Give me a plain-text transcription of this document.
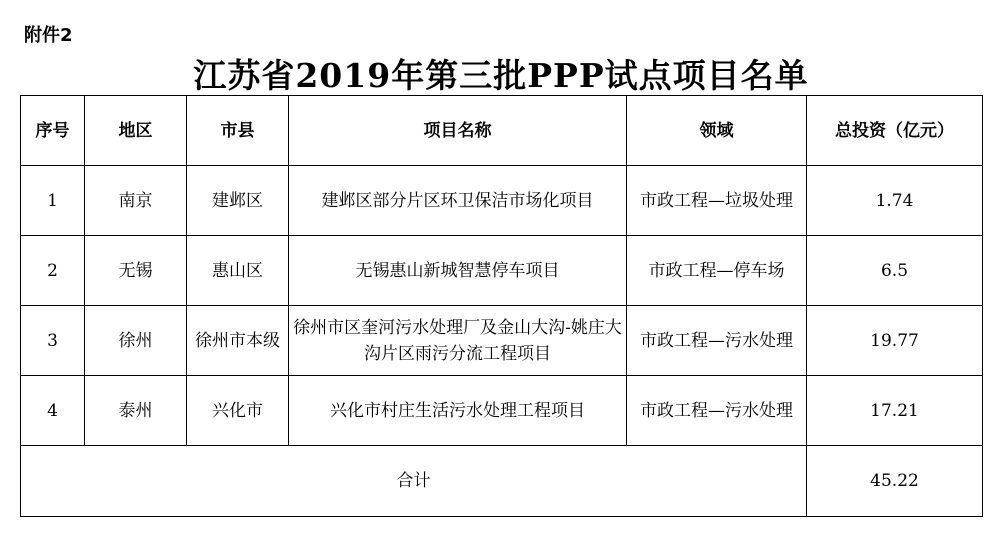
附件2
江苏省2019年第三批PPP试点项目名单
序号	地区	市县	项目名称	领域	总投资（亿元）
1	南京	建邺区	建邺区部分片区环卫保洁市场化项目	市政工程—垃圾处理	1.74
2	无锡	惠山区	无锡惠山新城智慧停车项目	市政工程—停车场	6.5
3	徐州	徐州市本级	徐州市区奎河污水处理厂及金山大沟-姚庄大沟片区雨污分流工程项目	市政工程—污水处理	19.77
4	泰州	兴化市	兴化市村庄生活污水处理工程项目	市政工程—污水处理	17.21
合计					45.22
